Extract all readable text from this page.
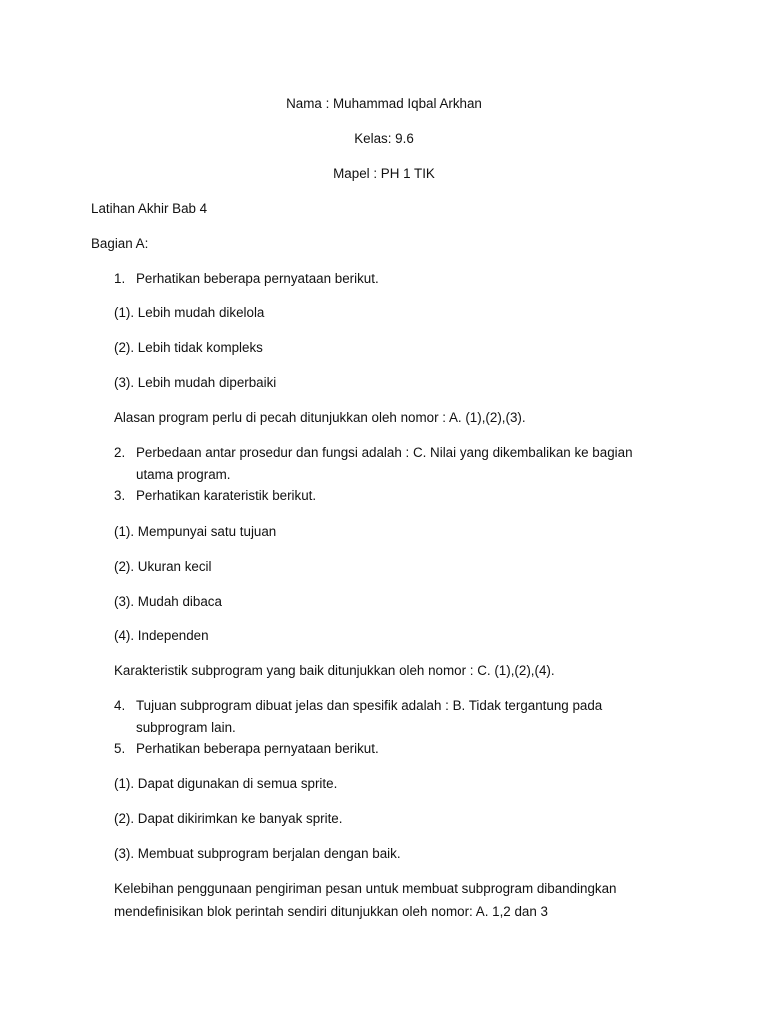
Nama : Muhammad Iqbal Arkhan
Kelas: 9.6
Mapel : PH 1 TIK
Latihan Akhir Bab 4
Bagian A:
1. Perhatikan beberapa pernyataan berikut.
(1). Lebih mudah dikelola
(2). Lebih tidak kompleks
(3). Lebih mudah diperbaiki
Alasan program perlu di pecah ditunjukkan oleh nomor : A. (1),(2),(3).
2. Perbedaan antar prosedur dan fungsi adalah : C. Nilai yang dikembalikan ke bagian
utama program.
3. Perhatikan karateristik berikut.
(1). Mempunyai satu tujuan
(2). Ukuran kecil
(3). Mudah dibaca
(4). Independen
Karakteristik subprogram yang baik ditunjukkan oleh nomor : C. (1),(2),(4).
4. Tujuan subprogram dibuat jelas dan spesifik adalah : B. Tidak tergantung pada
subprogram lain.
5. Perhatikan beberapa pernyataan berikut.
(1). Dapat digunakan di semua sprite.
(2). Dapat dikirimkan ke banyak sprite.
(3). Membuat subprogram berjalan dengan baik.
Kelebihan penggunaan pengiriman pesan untuk membuat subprogram dibandingkan
mendefinisikan blok perintah sendiri ditunjukkan oleh nomor: A. 1,2 dan 3
